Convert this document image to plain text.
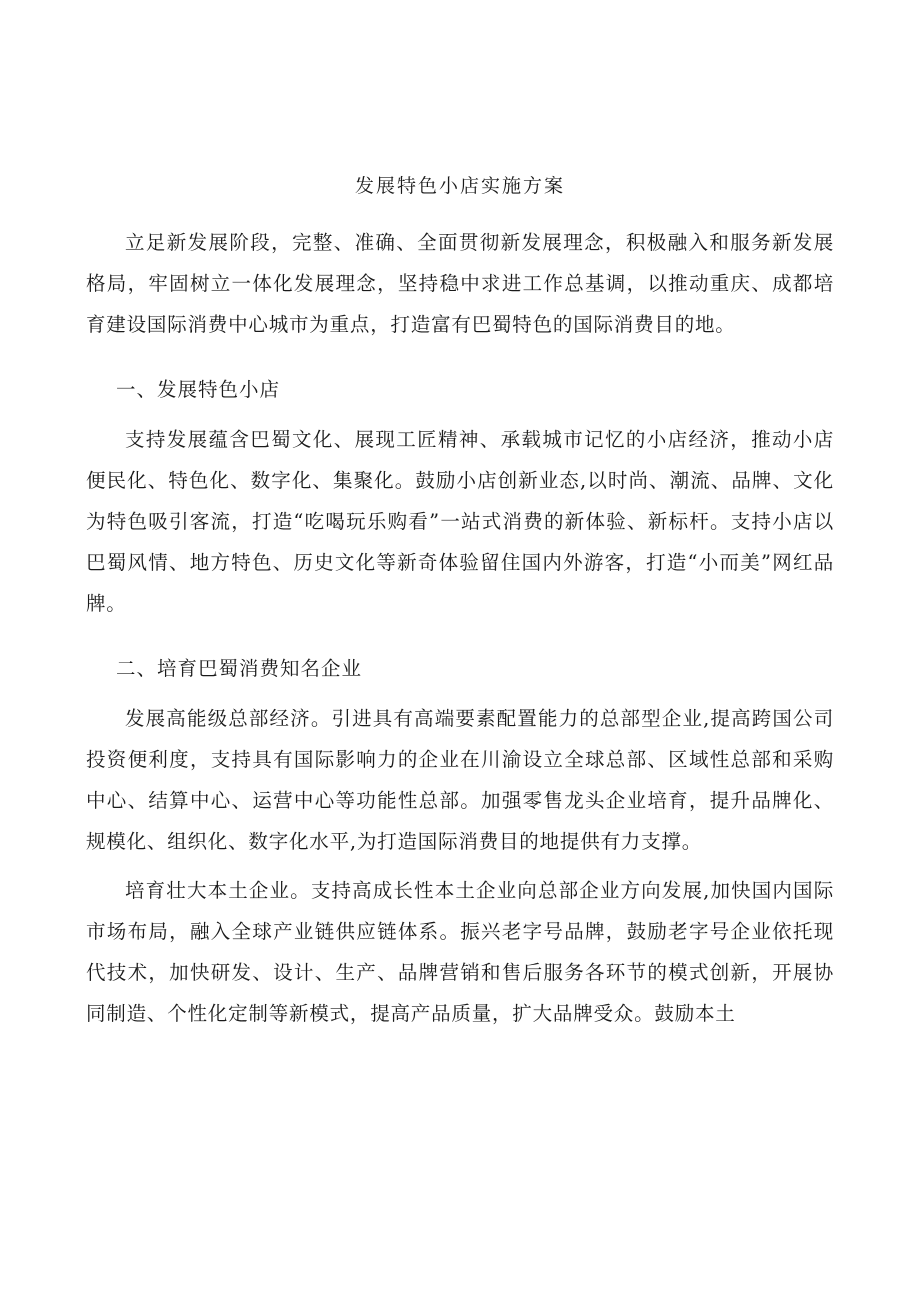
发展特色小店实施方案

立足新发展阶段，完整、准确、全面贯彻新发展理念，积极融入和服务新发展格局，牢固树立一体化发展理念，坚持稳中求进工作总基调，以推动重庆、成都培育建设国际消费中心城市为重点，打造富有巴蜀特色的国际消费目的地。

一、发展特色小店

支持发展蕴含巴蜀文化、展现工匠精神、承载城市记忆的小店经济，推动小店便民化、特色化、数字化、集聚化。鼓励小店创新业态,以时尚、潮流、品牌、文化为特色吸引客流，打造“吃喝玩乐购看”一站式消费的新体验、新标杆。支持小店以巴蜀风情、地方特色、历史文化等新奇体验留住国内外游客，打造“小而美”网红品牌。

二、培育巴蜀消费知名企业

发展高能级总部经济。引进具有高端要素配置能力的总部型企业,提高跨国公司投资便利度，支持具有国际影响力的企业在川渝设立全球总部、区域性总部和采购中心、结算中心、运营中心等功能性总部。加强零售龙头企业培育，提升品牌化、规模化、组织化、数字化水平,为打造国际消费目的地提供有力支撑。

培育壮大本土企业。支持高成长性本土企业向总部企业方向发展,加快国内国际市场布局，融入全球产业链供应链体系。振兴老字号品牌，鼓励老字号企业依托现代技术，加快研发、设计、生产、品牌营销和售后服务各环节的模式创新，开展协同制造、个性化定制等新模式，提高产品质量，扩大品牌受众。鼓励本土
